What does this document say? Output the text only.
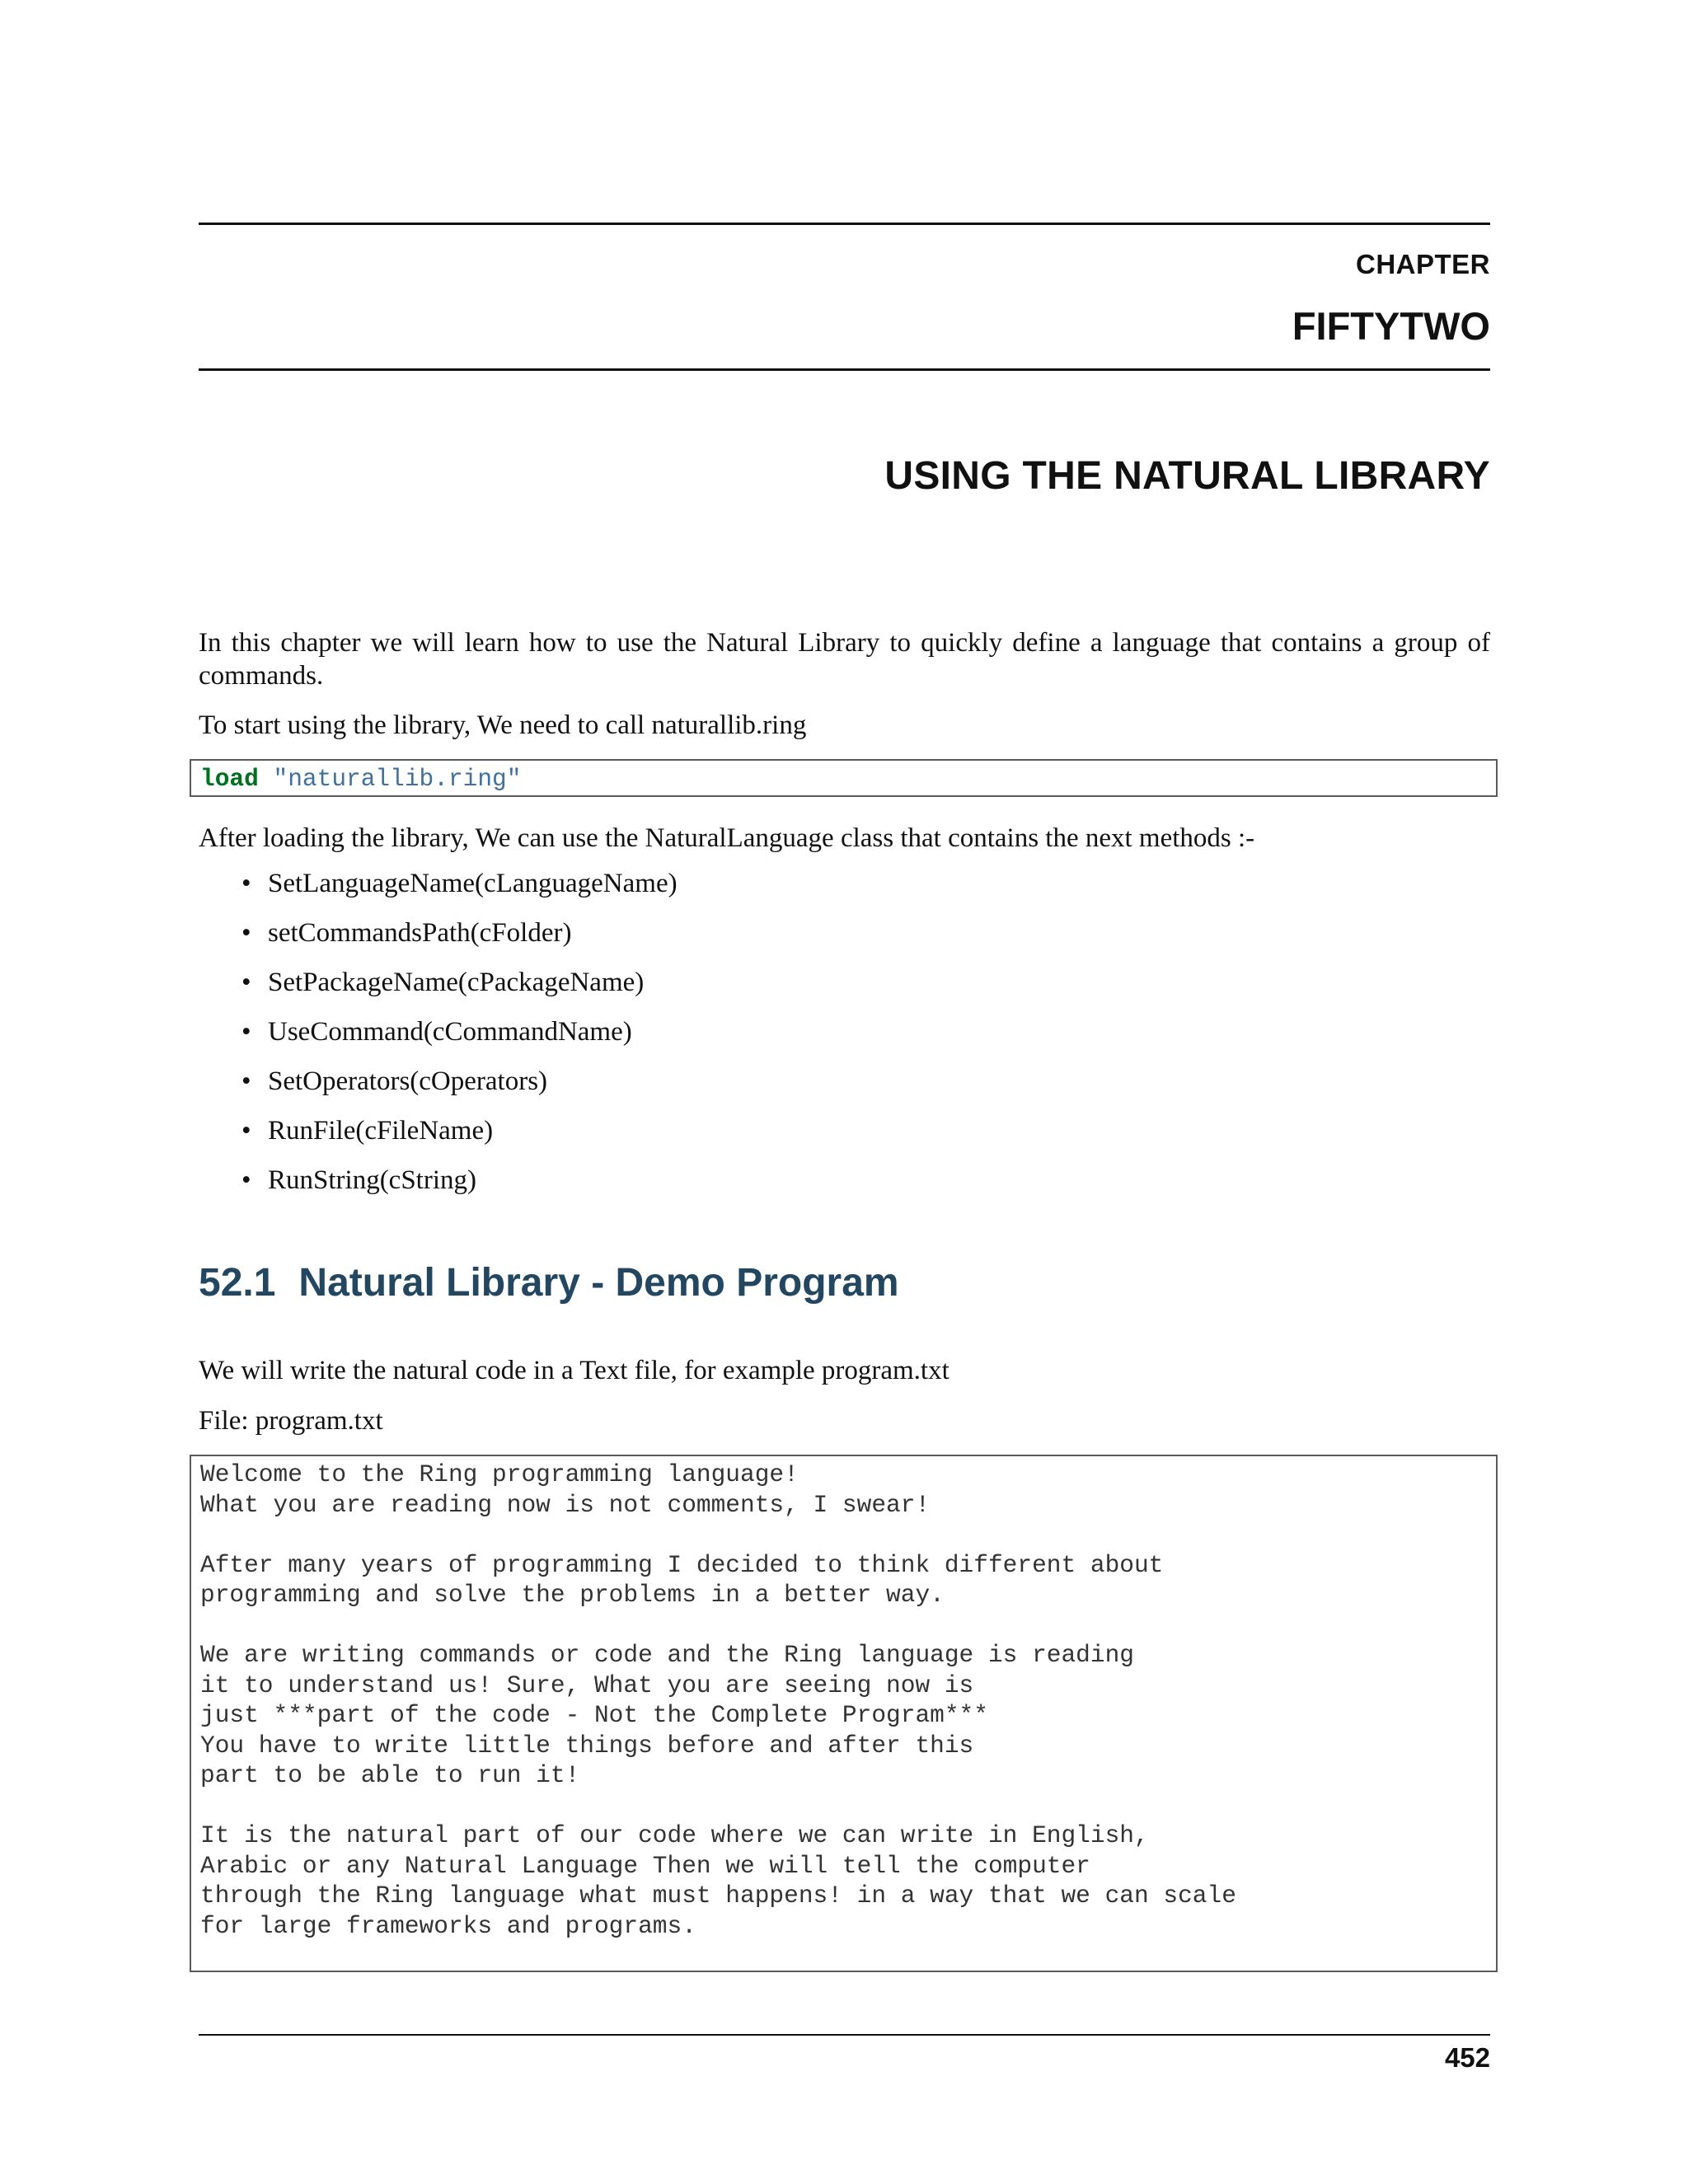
CHAPTER
FIFTYTWO
USING THE NATURAL LIBRARY

In this chapter we will learn how to use the Natural Library to quickly define a language that contains a group of commands.

To start using the library, We need to call naturallib.ring

load "naturallib.ring"

After loading the library, We can use the NaturalLanguage class that contains the next methods :-

• SetLanguageName(cLanguageName)
• setCommandsPath(cFolder)
• SetPackageName(cPackageName)
• UseCommand(cCommandName)
• SetOperators(cOperators)
• RunFile(cFileName)
• RunString(cString)
52.1 Natural Library - Demo Program

We will write the natural code in a Text file, for example program.txt

File: program.txt

Welcome to the Ring programming language!
What you are reading now is not comments, I swear!

After many years of programming I decided to think different about
programming and solve the problems in a better way.

We are writing commands or code and the Ring language is reading
it to understand us! Sure, What you are seeing now is
just ***part of the code - Not the Complete Program***
You have to write little things before and after this
part to be able to run it!

It is the natural part of our code where we can write in English,
Arabic or any Natural Language Then we will tell the computer
through the Ring language what must happens! in a way that we can scale
for large frameworks and programs.
452
